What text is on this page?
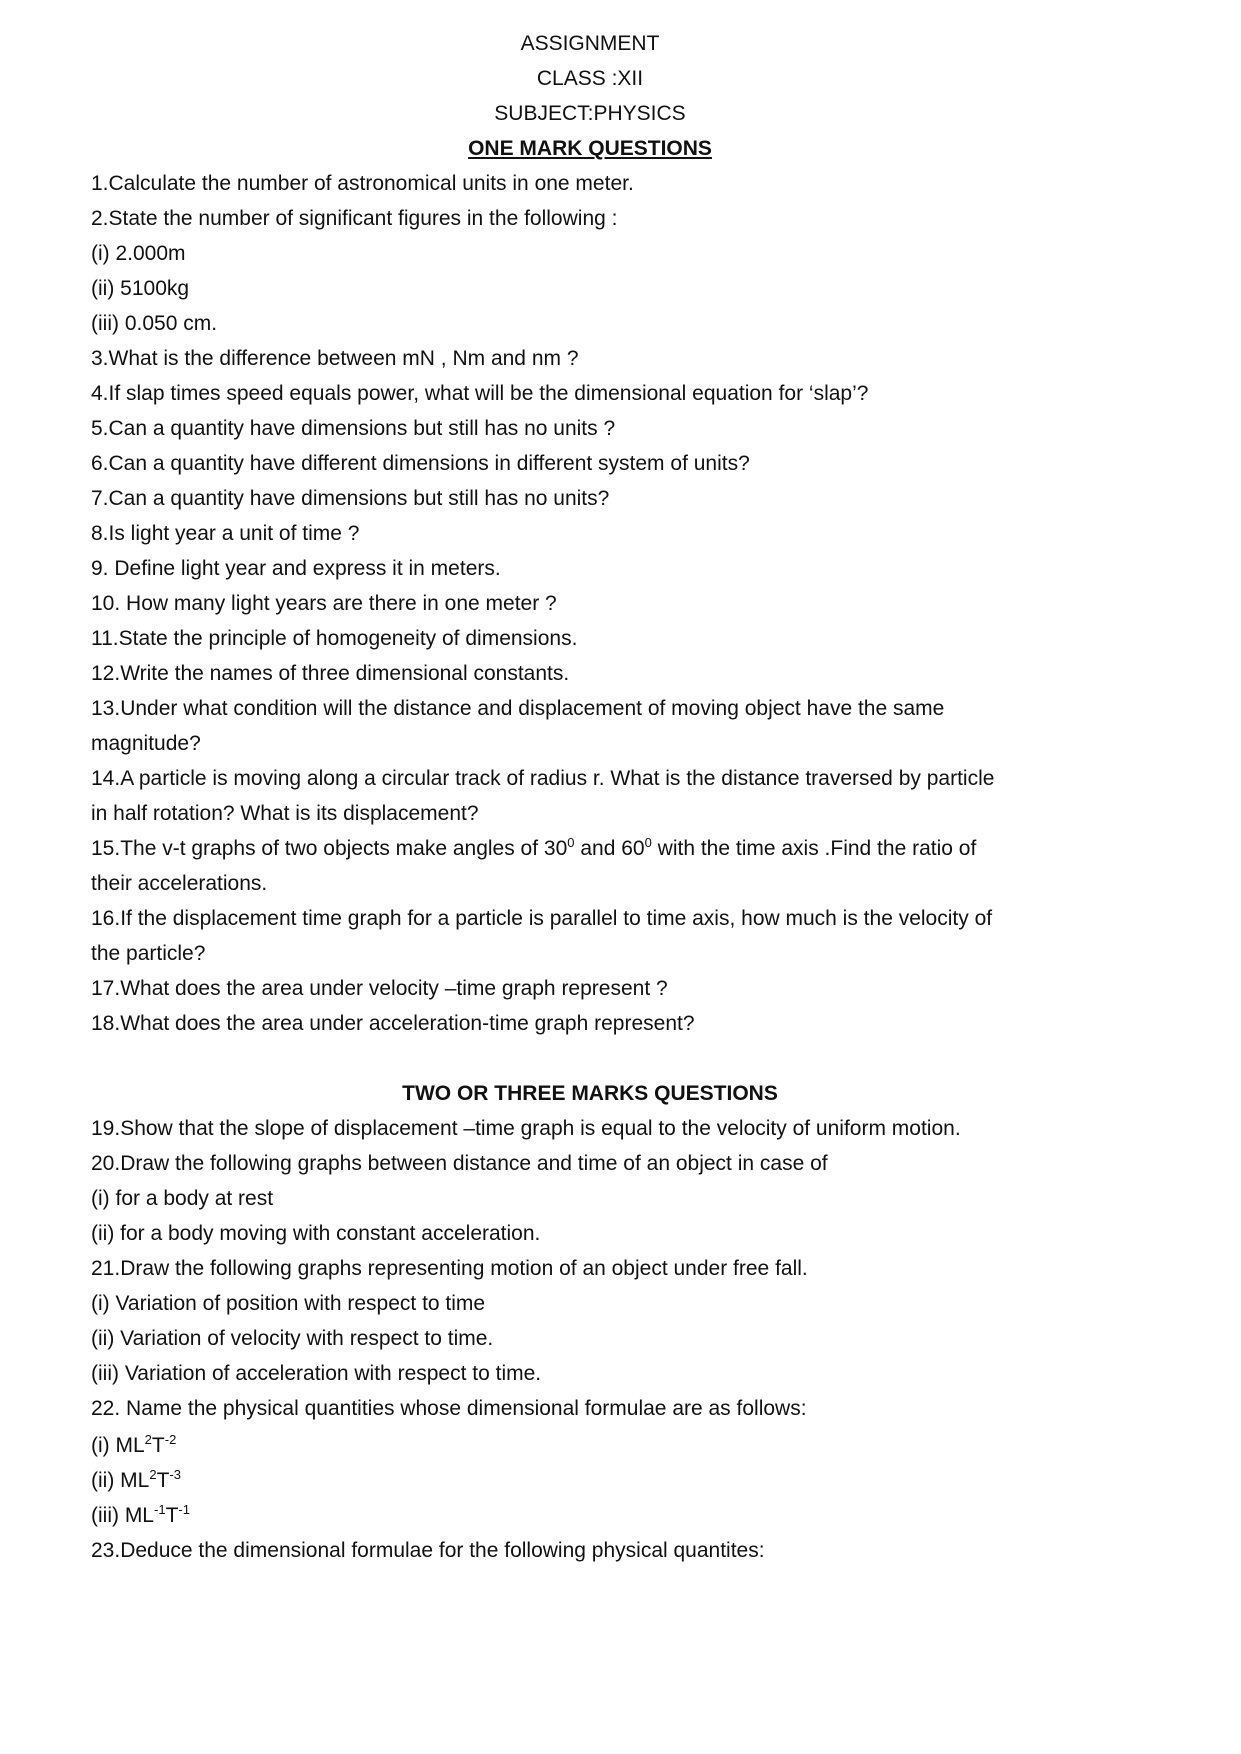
ASSIGNMENT
CLASS :XII
SUBJECT:PHYSICS
ONE MARK QUESTIONS
1.Calculate the number of astronomical units in one meter.
2.State the number of significant figures in the following :
(i) 2.000m
(ii) 5100kg
(iii) 0.050 cm.
3.What is the difference between mN , Nm and nm ?
4.If slap times speed equals power, what will be the dimensional equation for ‘slap’?
5.Can a quantity have dimensions but still has no units ?
6.Can a quantity have different dimensions in different system of units?
7.Can a quantity have dimensions but still has no units?
8.Is light year a unit of time ?
9. Define light year and express it in meters.
10. How many light years are there in one meter ?
11.State the principle of homogeneity of dimensions.
12.Write the names of three dimensional constants.
13.Under what condition will the distance and displacement of moving object have the same
magnitude?
14.A particle is moving along a circular track of radius r. What is the distance traversed by particle
in half rotation? What is its displacement?
15.The v-t graphs of two objects make angles of $30^0$ and $60^0$ with the time axis .Find the ratio of
their accelerations.
16.If the displacement time graph for a particle is parallel to time axis, how much is the velocity of
the particle?
17.What does the area under velocity –time graph represent ?
18.What does the area under acceleration-time graph represent?
TWO OR THREE MARKS QUESTIONS
19.Show that the slope of displacement –time graph is equal to the velocity of uniform motion.
20.Draw the following graphs between distance and time of an object in case of
(i) for a body at rest
(ii) for a body moving with constant acceleration.
21.Draw the following graphs representing motion of an object under free fall.
(i) Variation of position with respect to time
(ii) Variation of velocity with respect to time.
(iii) Variation of acceleration with respect to time.
22. Name the physical quantities whose dimensional formulae are as follows:
(i) $ML^2T^{-2}$
(ii) $ML^2T^{-3}$
(iii) $ML^{-1}T^{-1}$
23.Deduce the dimensional formulae for the following physical quantites:
